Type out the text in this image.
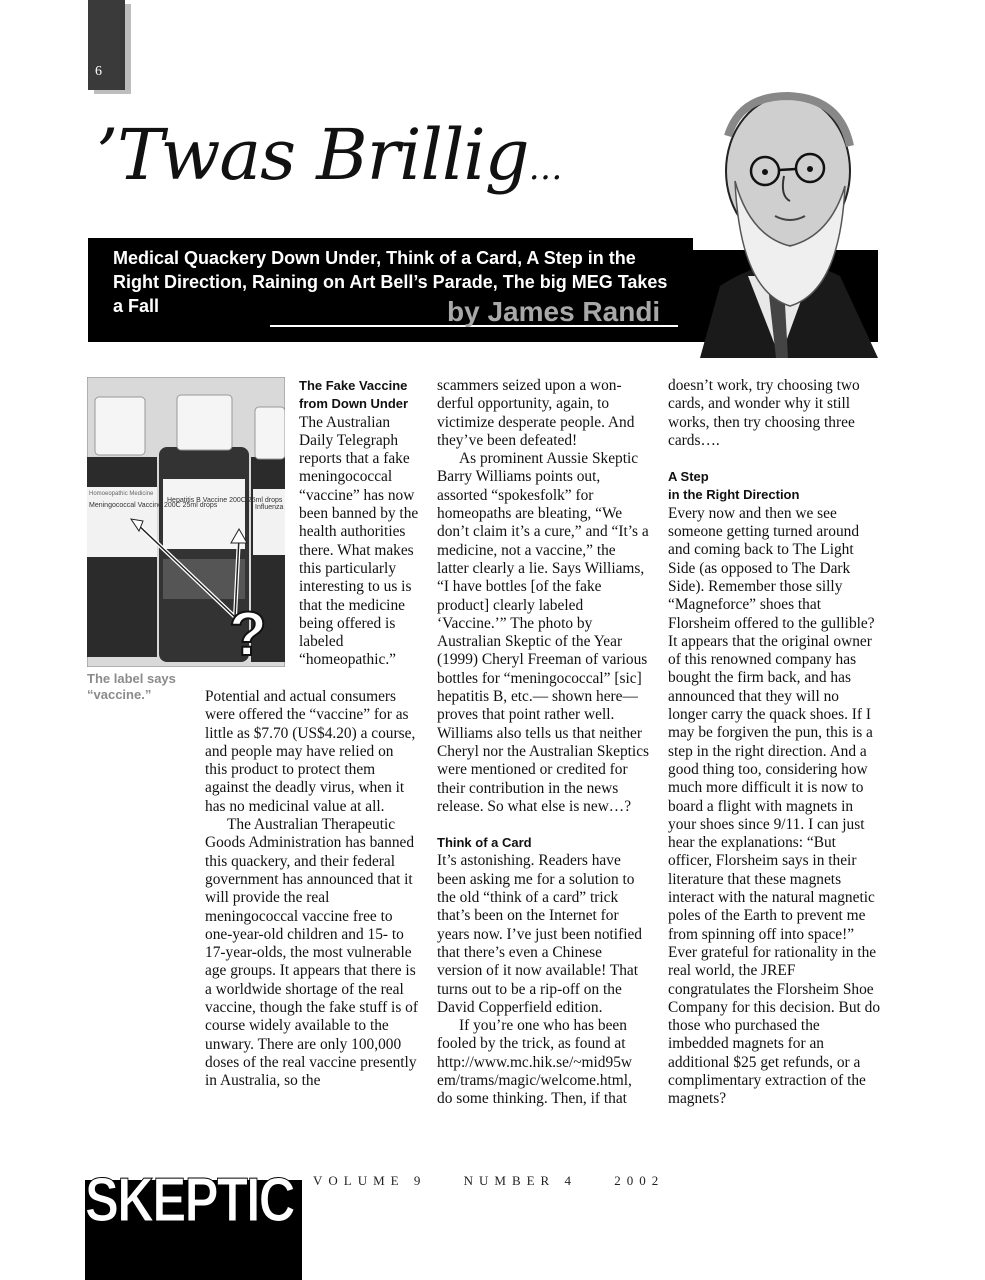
6
’Twas Brillig…
Medical Quackery Down Under, Think of a Card, A Step in the Right Direction, Raining on Art Bell’s Parade, The big MEG Takes a Fall	by James Randi
Meningococcal Vaccine 200C 25ml drops
Hepatitis B Vaccine 200C 25ml drops
Influenza
Homoeopathic Medicine
?
The label says “vaccine.”
The Fake Vaccine
from Down Under

The Australian Daily Telegraph reports that a fake meningococcal “vaccine” has now been banned by the health authorities there. What makes this particularly interesting to us is that the medicine being offered is labeled “homeopathic.”

Potential and actual consumers were offered the “vaccine” for as little as $7.70 (US$4.20) a course, and people may have relied on this product to protect them against the deadly virus, when it has no medicinal value at all.

The Australian Therapeutic Goods Administration has banned this quackery, and their federal government has announced that it will provide the real meningococcal vaccine free to one-year-old children and 15- to 17-year-olds, the most vulnerable age groups. It appears that there is a worldwide shortage of the real vaccine, though the fake stuff is of course widely available to the unwary. There are only 100,000 doses of the real vaccine presently in Australia, so the

scammers seized upon a wonderful opportunity, again, to victimize desperate people. And they’ve been defeated!

As prominent Aussie Skeptic Barry Williams points out, assorted “spokesfolk” for homeopaths are bleating, “We don’t claim it’s a cure,” and “It’s a medicine, not a vaccine,” the latter clearly a lie. Says Williams, “I have bottles [of the fake product] clearly labeled ‘Vaccine.’” The photo by Australian Skeptic of the Year (1999) Cheryl Freeman of various bottles for “meningococcal” [sic] hepatitis B, etc.— shown here—proves that point rather well. Williams also tells us that neither Cheryl nor the Australian Skeptics were mentioned or credited for their contribution in the news release. So what else is new…?

Think of a Card

It’s astonishing. Readers have been asking me for a solution to the old “think of a card” trick that’s been on the Internet for years now. I’ve just been notified that there’s even a Chinese version of it now available! That turns out to be a rip-off on the David Copperfield edition.

If you’re one who has been fooled by the trick, as found at http://www.mc.hik.se/~mid95w em/trams/magic/welcome.html, do some thinking. Then, if that

doesn’t work, try choosing two cards, and wonder why it still works, then try choosing three cards….

A Step
in the Right Direction

Every now and then we see someone getting turned around and coming back to The Light Side (as opposed to The Dark Side). Remember those silly “Magneforce” shoes that Florsheim offered to the gullible? It appears that the original owner of this renowned company has bought the firm back, and has announced that they will no longer carry the quack shoes. If I may be forgiven the pun, this is a step in the right direction. And a good thing too, considering how much more difficult it is now to board a flight with magnets in your shoes since 9/11. I can just hear the explanations: “But officer, Florsheim says in their literature that these magnets interact with the natural magnetic poles of the Earth to prevent me from spinning off into space!” Ever grateful for rationality in the real world, the JREF congratulates the Florsheim Shoe Company for this decision. But do those who purchased the imbedded magnets for an additional $25 get refunds, or a complimentary extraction of the magnets?

SKEPTIC VOLUME 9	NUMBER 4	2002
